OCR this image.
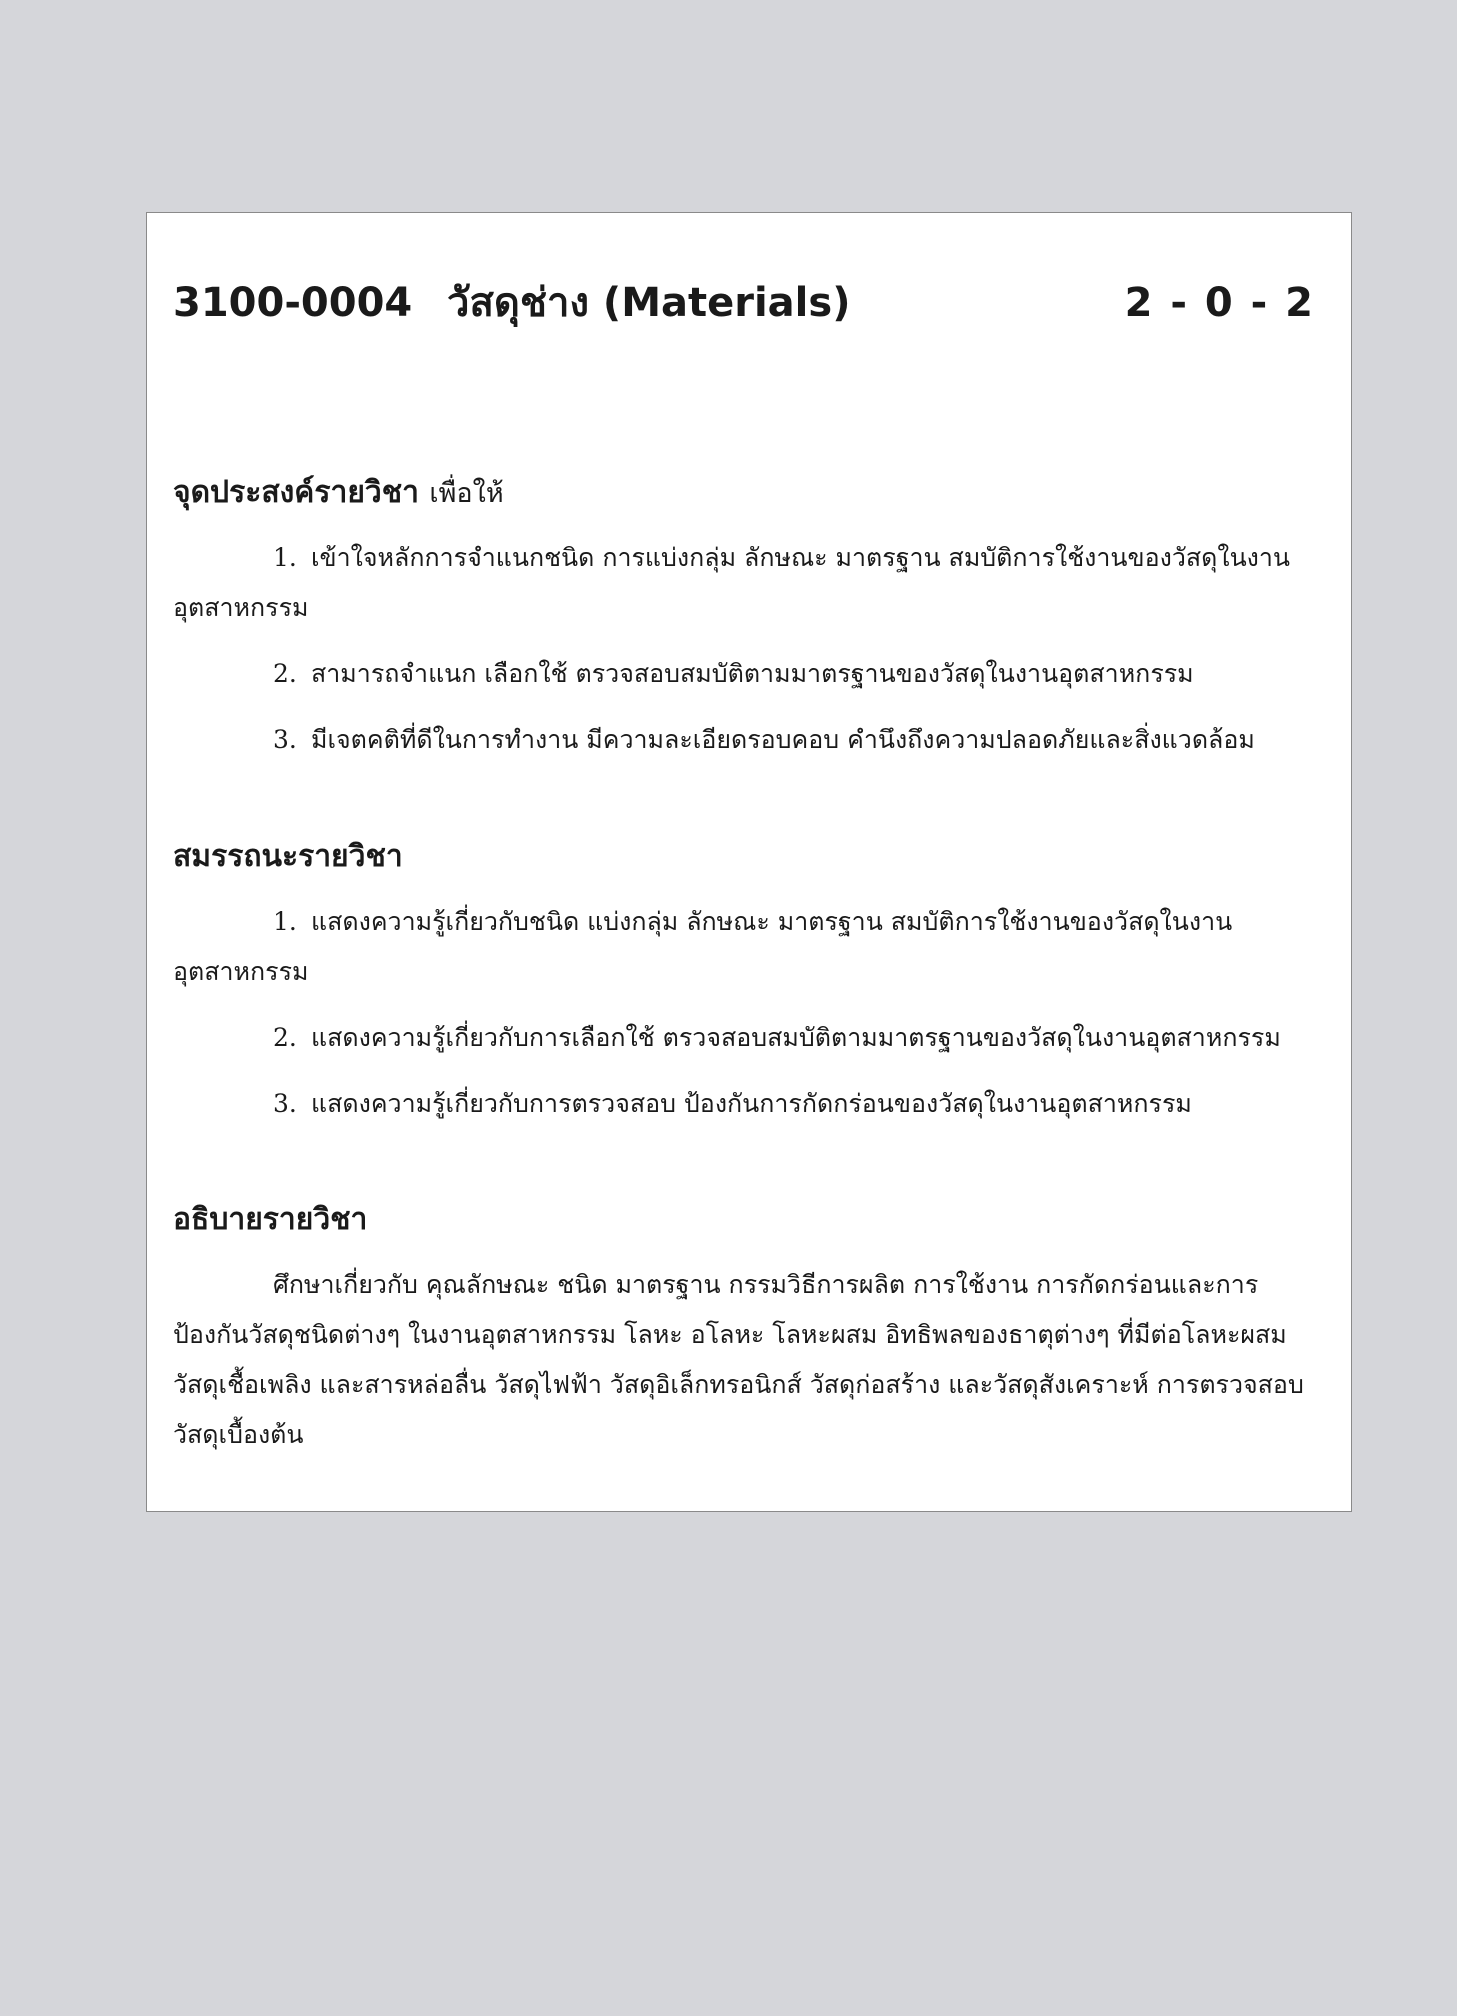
3100-0004 วัสดุช่าง (Materials)	2 - 0 - 2
จุดประสงค์รายวิชา เพื่อให้

1. เข้าใจหลักการจำแนกชนิด การแบ่งกลุ่ม ลักษณะ มาตรฐาน สมบัติการใช้งานของวัสดุในงานอุตสาหกรรม

2. สามารถจำแนก เลือกใช้ ตรวจสอบสมบัติตามมาตรฐานของวัสดุในงานอุตสาหกรรม

3. มีเจตคติที่ดีในการทำงาน มีความละเอียดรอบคอบ คำนึงถึงความปลอดภัยและสิ่งแวดล้อม

สมรรถนะรายวิชา

1. แสดงความรู้เกี่ยวกับชนิด แบ่งกลุ่ม ลักษณะ มาตรฐาน สมบัติการใช้งานของวัสดุในงานอุตสาหกรรม

2. แสดงความรู้เกี่ยวกับการเลือกใช้ ตรวจสอบสมบัติตามมาตรฐานของวัสดุในงานอุตสาหกรรม

3. แสดงความรู้เกี่ยวกับการตรวจสอบ ป้องกันการกัดกร่อนของวัสดุในงานอุตสาหกรรม

อธิบายรายวิชา

ศึกษาเกี่ยวกับ คุณลักษณะ ชนิด มาตรฐาน กรรมวิธีการผลิต การใช้งาน การกัดกร่อนและการป้องกันวัสดุชนิดต่างๆ ในงานอุตสาหกรรม โลหะ อโลหะ โลหะผสม อิทธิพลของธาตุต่างๆ ที่มีต่อโลหะผสม วัสดุเชื้อเพลิง และสารหล่อลื่น วัสดุไฟฟ้า วัสดุอิเล็กทรอนิกส์ วัสดุก่อสร้าง และวัสดุสังเคราะห์ การตรวจสอบวัสดุเบื้องต้น
